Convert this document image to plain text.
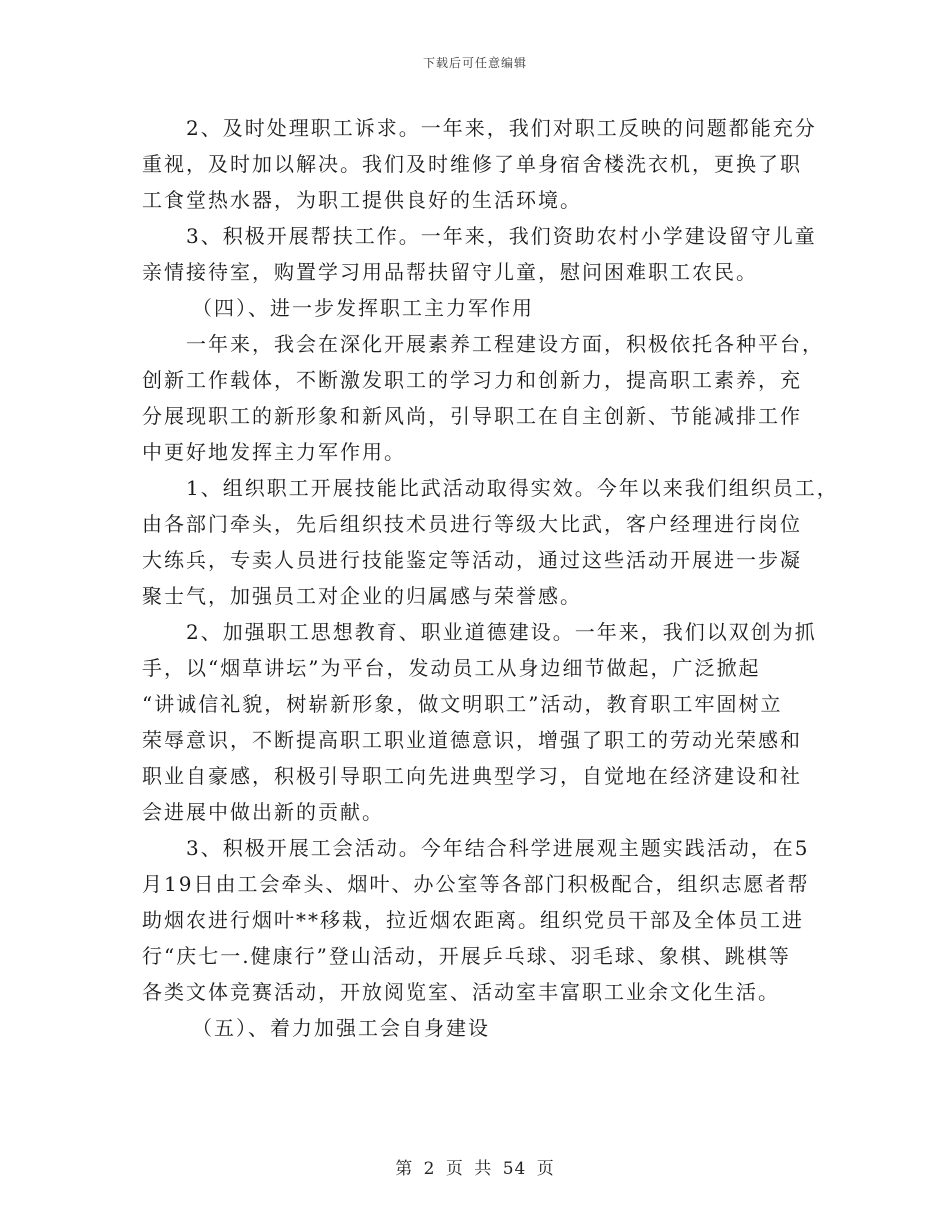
下载后可任意编辑
2、及时处理职工诉求。一年来，我们对职工反映的问题都能充分
重视，及时加以解决。我们及时维修了单身宿舍楼洗衣机，更换了职
工食堂热水器，为职工提供良好的生活环境。
3、积极开展帮扶工作。一年来，我们资助农村小学建设留守儿童
亲情接待室，购置学习用品帮扶留守儿童，慰问困难职工农民。
（四）、进一步发挥职工主力军作用
一年来，我会在深化开展素养工程建设方面，积极依托各种平台，
创新工作载体，不断激发职工的学习力和创新力，提高职工素养，充
分展现职工的新形象和新风尚，引导职工在自主创新、节能减排工作
中更好地发挥主力军作用。
1、组织职工开展技能比武活动取得实效。今年以来我们组织员工，
由各部门牵头，先后组织技术员进行等级大比武，客户经理进行岗位
大练兵，专卖人员进行技能鉴定等活动，通过这些活动开展进一步凝
聚士气，加强员工对企业的归属感与荣誉感。
2、加强职工思想教育、职业道德建设。一年来，我们以双创为抓
手，以“烟草讲坛”为平台，发动员工从身边细节做起，广泛掀起
“讲诚信礼貌，树崭新形象，做文明职工”活动，教育职工牢固树立
荣辱意识，不断提高职工职业道德意识，增强了职工的劳动光荣感和
职业自豪感，积极引导职工向先进典型学习，自觉地在经济建设和社
会进展中做出新的贡献。
3、积极开展工会活动。今年结合科学进展观主题实践活动，在5
月19日由工会牵头、烟叶、办公室等各部门积极配合，组织志愿者帮
助烟农进行烟叶**移栽，拉近烟农距离。组织党员干部及全体员工进
行“庆七一.健康行”登山活动，开展乒乓球、羽毛球、象棋、跳棋等
各类文体竞赛活动，开放阅览室、活动室丰富职工业余文化生活。
（五）、着力加强工会自身建设
第 2 页 共 54 页
